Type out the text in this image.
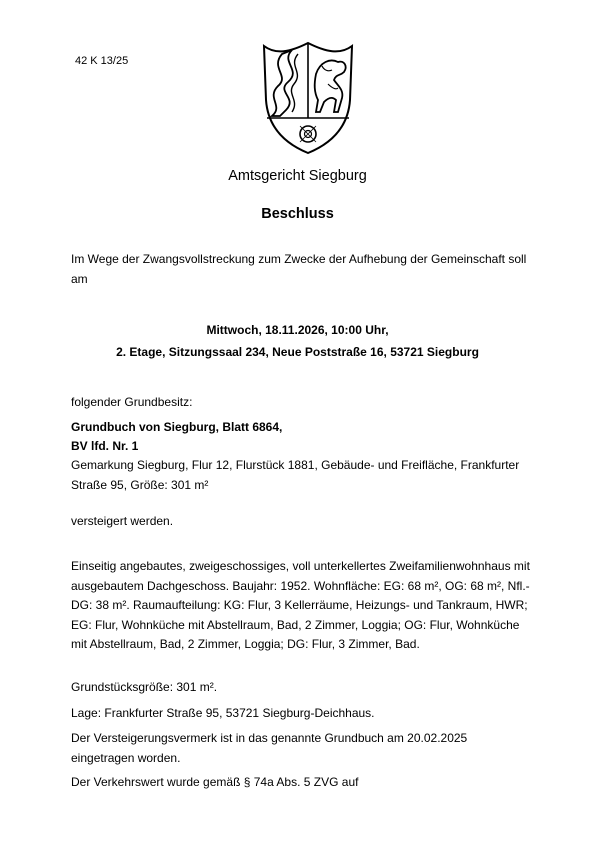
42 K 13/25
Amtsgericht Siegburg
Beschluss

Im Wege der Zwangsvollstreckung zum Zwecke der Aufhebung der Gemeinschaft soll am

Mittwoch, 18.11.2026, 10:00 Uhr,
2. Etage, Sitzungssaal 234, Neue Poststraße 16, 53721 Siegburg

folgender Grundbesitz:

Grundbuch von Siegburg, Blatt 6864,

BV lfd. Nr. 1

Gemarkung Siegburg, Flur 12, Flurstück 1881, Gebäude- und Freifläche, Frankfurter Straße 95, Größe: 301 m²

versteigert werden.

Einseitig angebautes, zweigeschossiges, voll unterkellertes Zweifamilienwohnhaus mit ausgebautem Dachgeschoss. Baujahr: 1952. Wohnfläche: EG: 68 m², OG: 68 m², Nfl.-DG: 38 m². Raumaufteilung: KG: Flur, 3 Kellerräume, Heizungs- und Tankraum, HWR; EG: Flur, Wohnküche mit Abstellraum, Bad, 2 Zimmer, Loggia; OG: Flur, Wohnküche mit Abstellraum, Bad, 2 Zimmer, Loggia; DG: Flur, 3 Zimmer, Bad.

Grundstücksgröße: 301 m².

Lage: Frankfurter Straße 95, 53721 Siegburg-Deichhaus.

Der Versteigerungsvermerk ist in das genannte Grundbuch am 20.02.2025 eingetragen worden.

Der Verkehrswert wurde gemäß § 74a Abs. 5 ZVG auf
